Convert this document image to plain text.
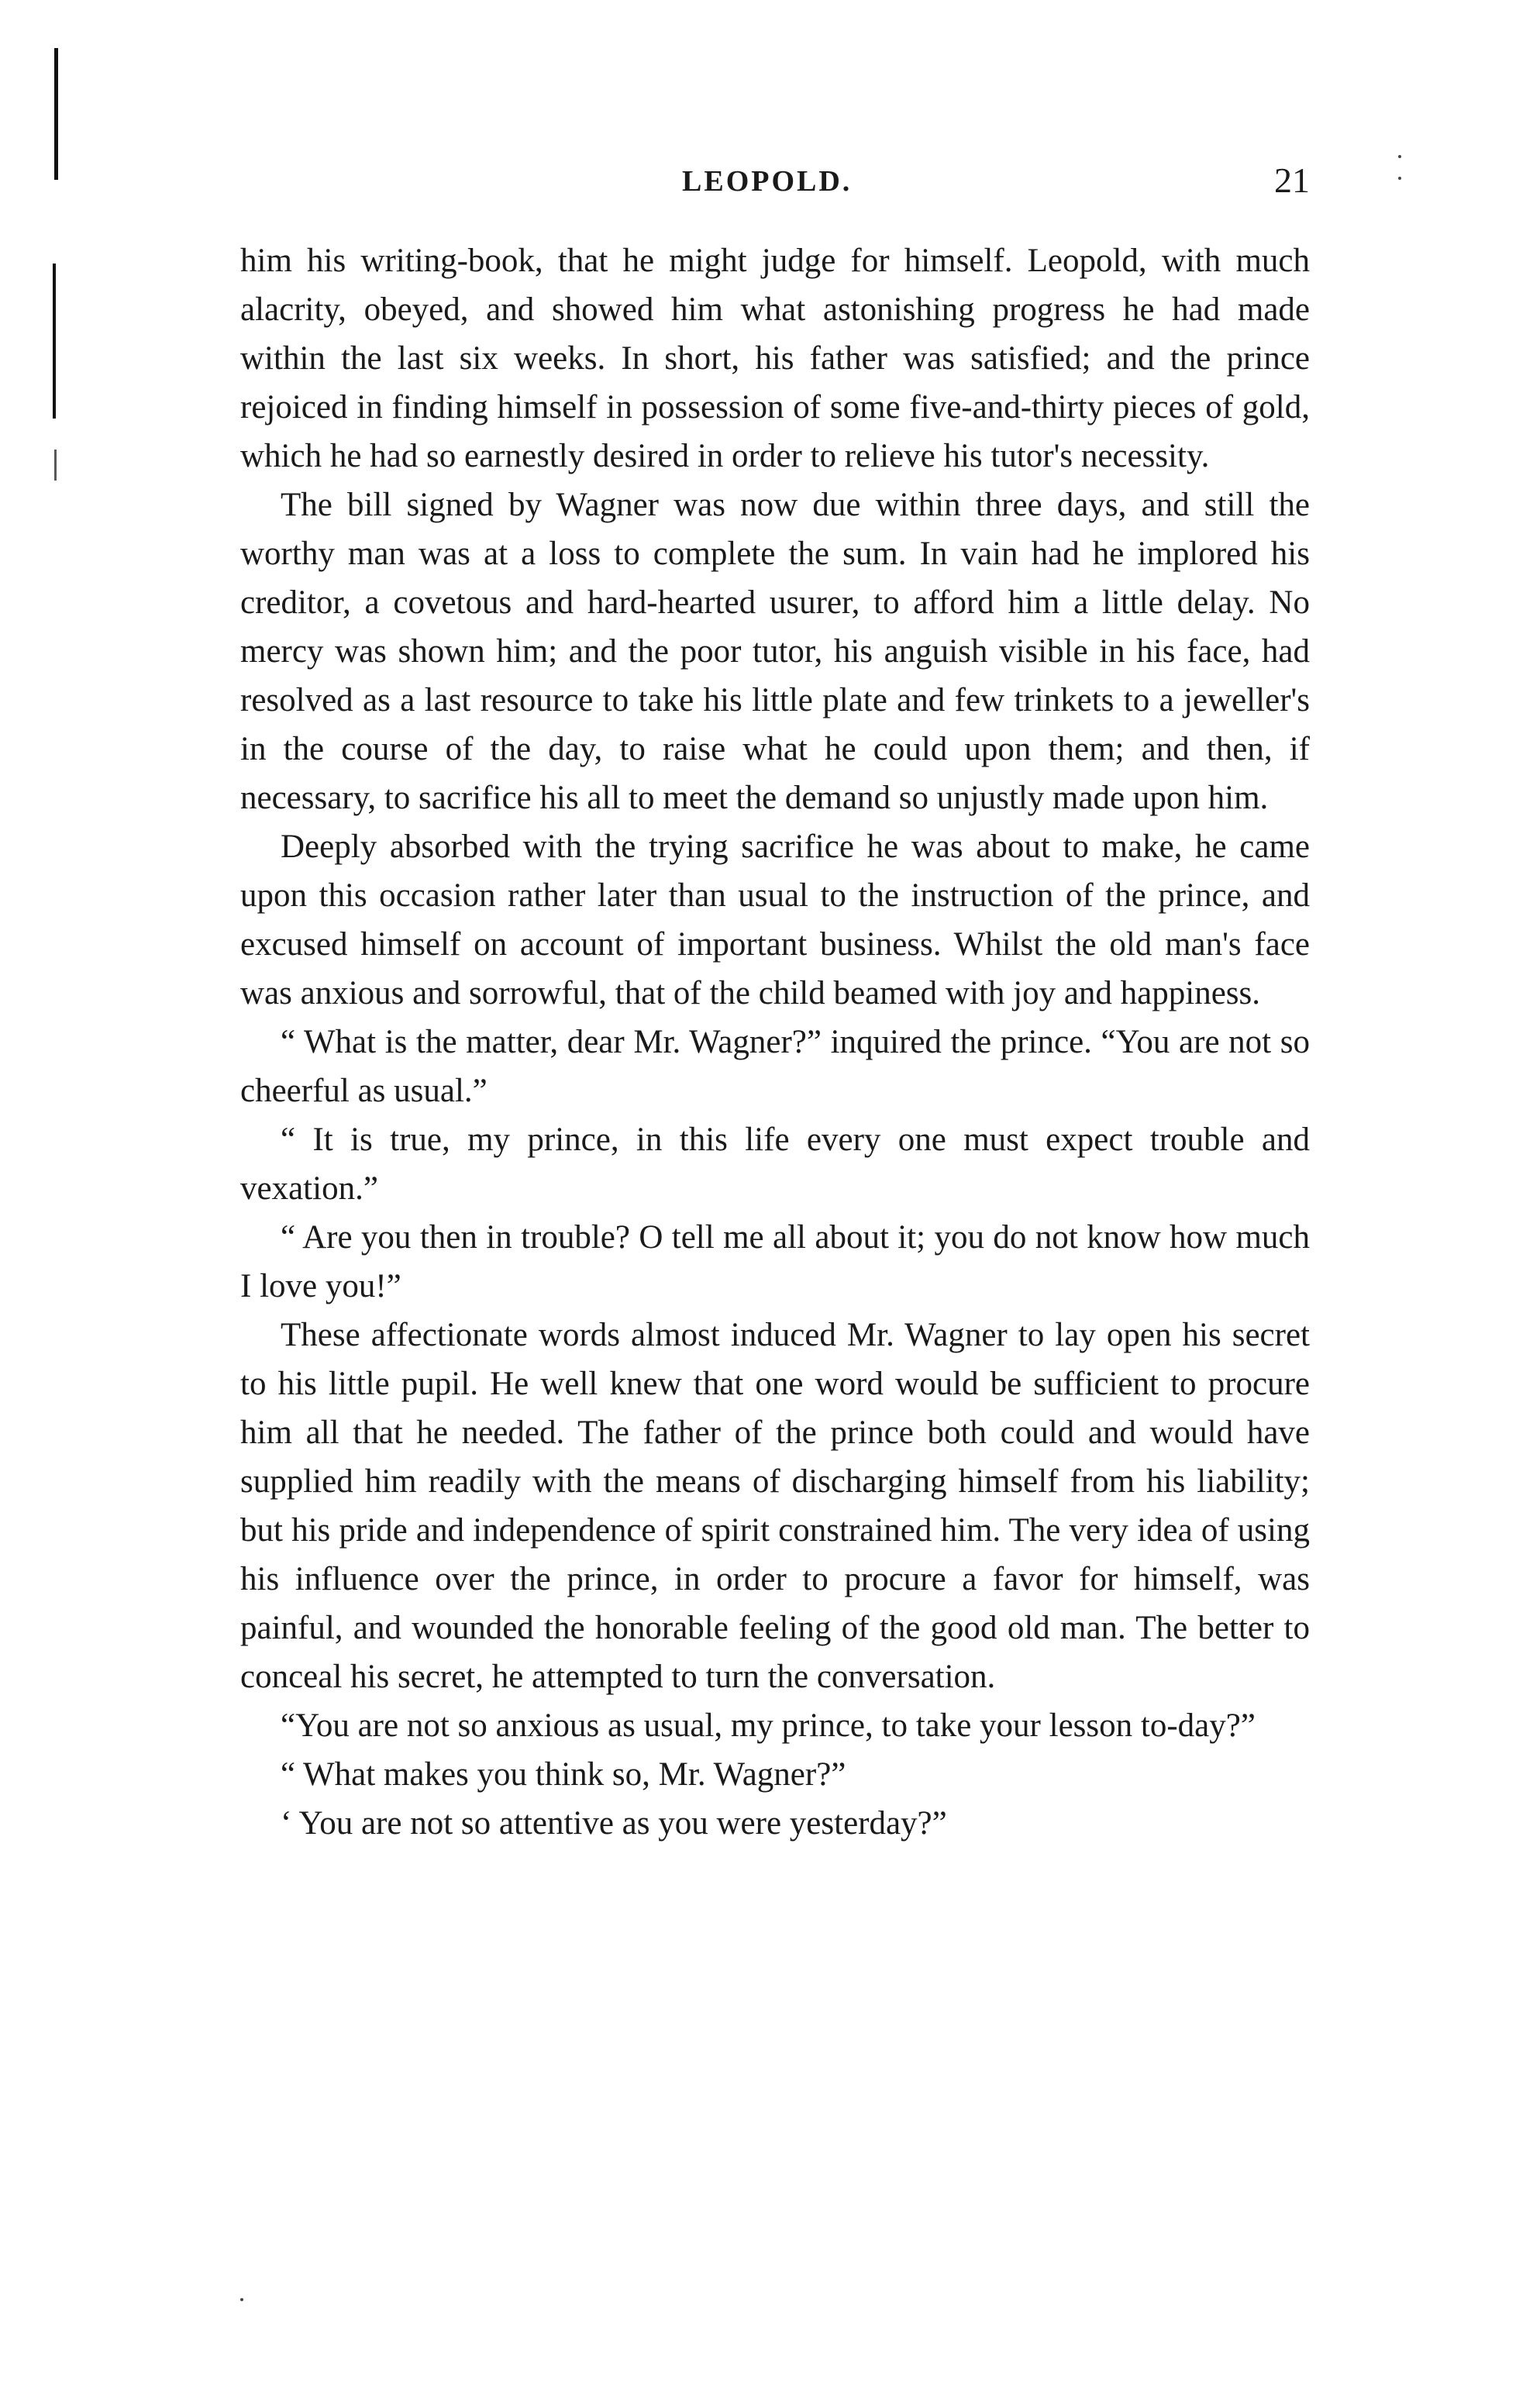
LEOPOLD.	21

him his writing-book, that he might judge for himself. Leopold, with much alacrity, obeyed, and showed him what astonishing progress he had made within the last six weeks. In short, his father was satisfied; and the prince rejoiced in finding himself in possession of some five-and-thirty pieces of gold, which he had so earnestly desired in order to relieve his tutor's necessity.

The bill signed by Wagner was now due within three days, and still the worthy man was at a loss to complete the sum. In vain had he implored his creditor, a covetous and hard-hearted usurer, to afford him a little delay. No mercy was shown him; and the poor tutor, his anguish visible in his face, had resolved as a last resource to take his little plate and few trinkets to a jeweller's in the course of the day, to raise what he could upon them; and then, if necessary, to sacrifice his all to meet the demand so unjustly made upon him.

Deeply absorbed with the trying sacrifice he was about to make, he came upon this occasion rather later than usual to the instruction of the prince, and excused himself on account of important business. Whilst the old man's face was anxious and sorrowful, that of the child beamed with joy and happiness.

“ What is the matter, dear Mr. Wagner?” inquired the prince. “You are not so cheerful as usual.”

“ It is true, my prince, in this life every one must expect trouble and vexation.”

“ Are you then in trouble? O tell me all about it; you do not know how much I love you!”

These affectionate words almost induced Mr. Wagner to lay open his secret to his little pupil. He well knew that one word would be sufficient to procure him all that he needed. The father of the prince both could and would have supplied him readily with the means of discharging himself from his liability; but his pride and independence of spirit constrained him. The very idea of using his influence over the prince, in order to procure a favor for himself, was painful, and wounded the honorable feeling of the good old man. The better to conceal his secret, he attempted to turn the conversation.

“You are not so anxious as usual, my prince, to take your lesson to-day?”

“ What makes you think so, Mr. Wagner?”

‘ You are not so attentive as you were yesterday?”
